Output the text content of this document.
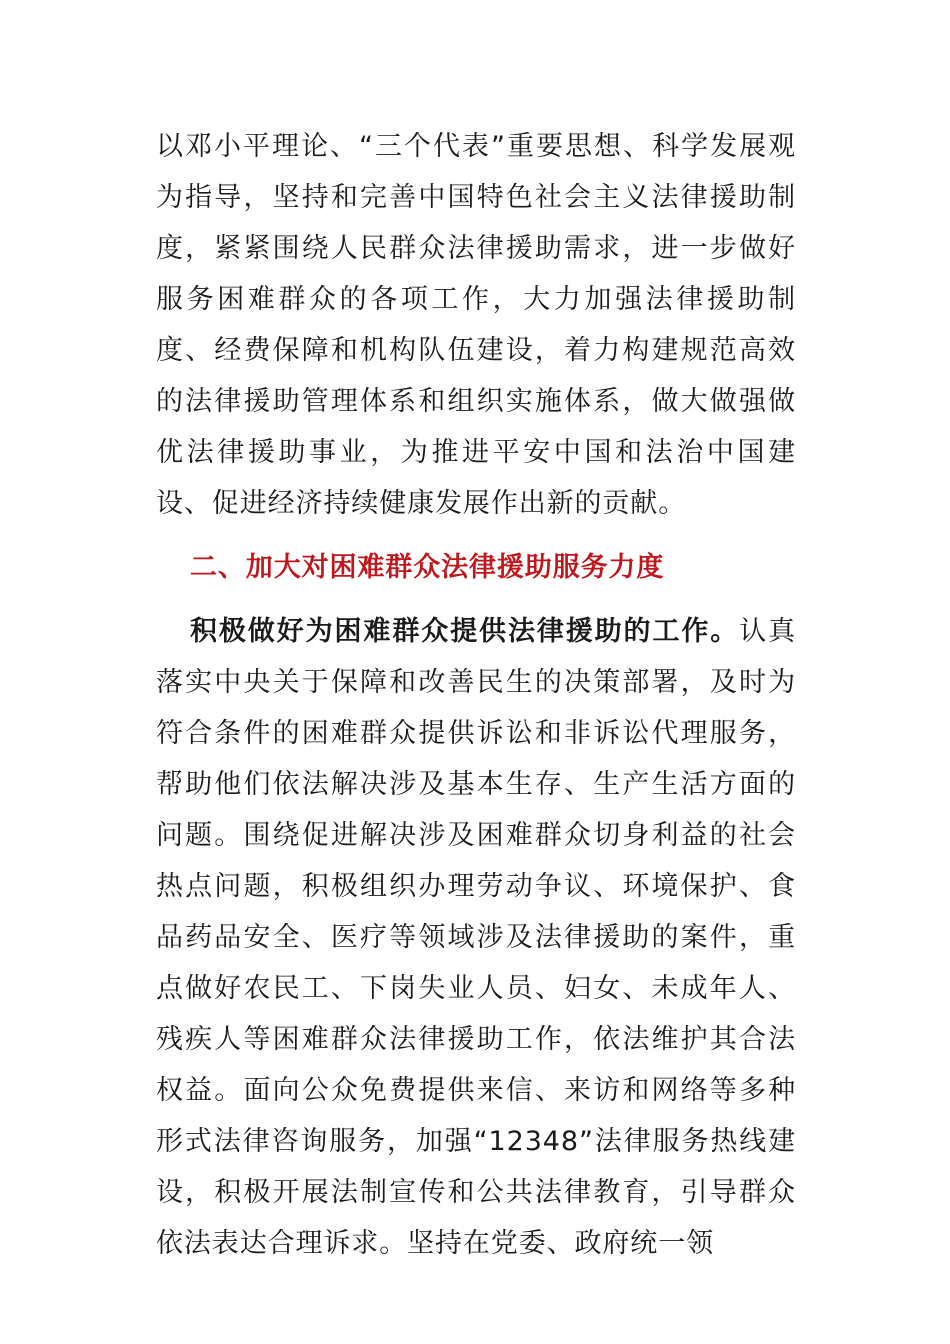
以邓小平理论、“三个代表”重要思想、科学发展观为指导，坚持和完善中国特色社会主义法律援助制度，紧紧围绕人民群众法律援助需求，进一步做好服务困难群众的各项工作，大力加强法律援助制度、经费保障和机构队伍建设，着力构建规范高效的法律援助管理体系和组织实施体系，做大做强做优法律援助事业，为推进平安中国和法治中国建设、促进经济持续健康发展作出新的贡献。

二、加大对困难群众法律援助服务力度

积极做好为困难群众提供法律援助的工作。认真落实中央关于保障和改善民生的决策部署，及时为符合条件的困难群众提供诉讼和非诉讼代理服务，帮助他们依法解决涉及基本生存、生产生活方面的问题。围绕促进解决涉及困难群众切身利益的社会热点问题，积极组织办理劳动争议、环境保护、食品药品安全、医疗等领域涉及法律援助的案件，重点做好农民工、下岗失业人员、妇女、未成年人、残疾人等困难群众法律援助工作，依法维护其合法权益。面向公众免费提供来信、来访和网络等多种形式法律咨询服务，加强“12348”法律服务热线建设，积极开展法制宣传和公共法律教育，引导群众依法表达合理诉求。坚持在党委、政府统一领
